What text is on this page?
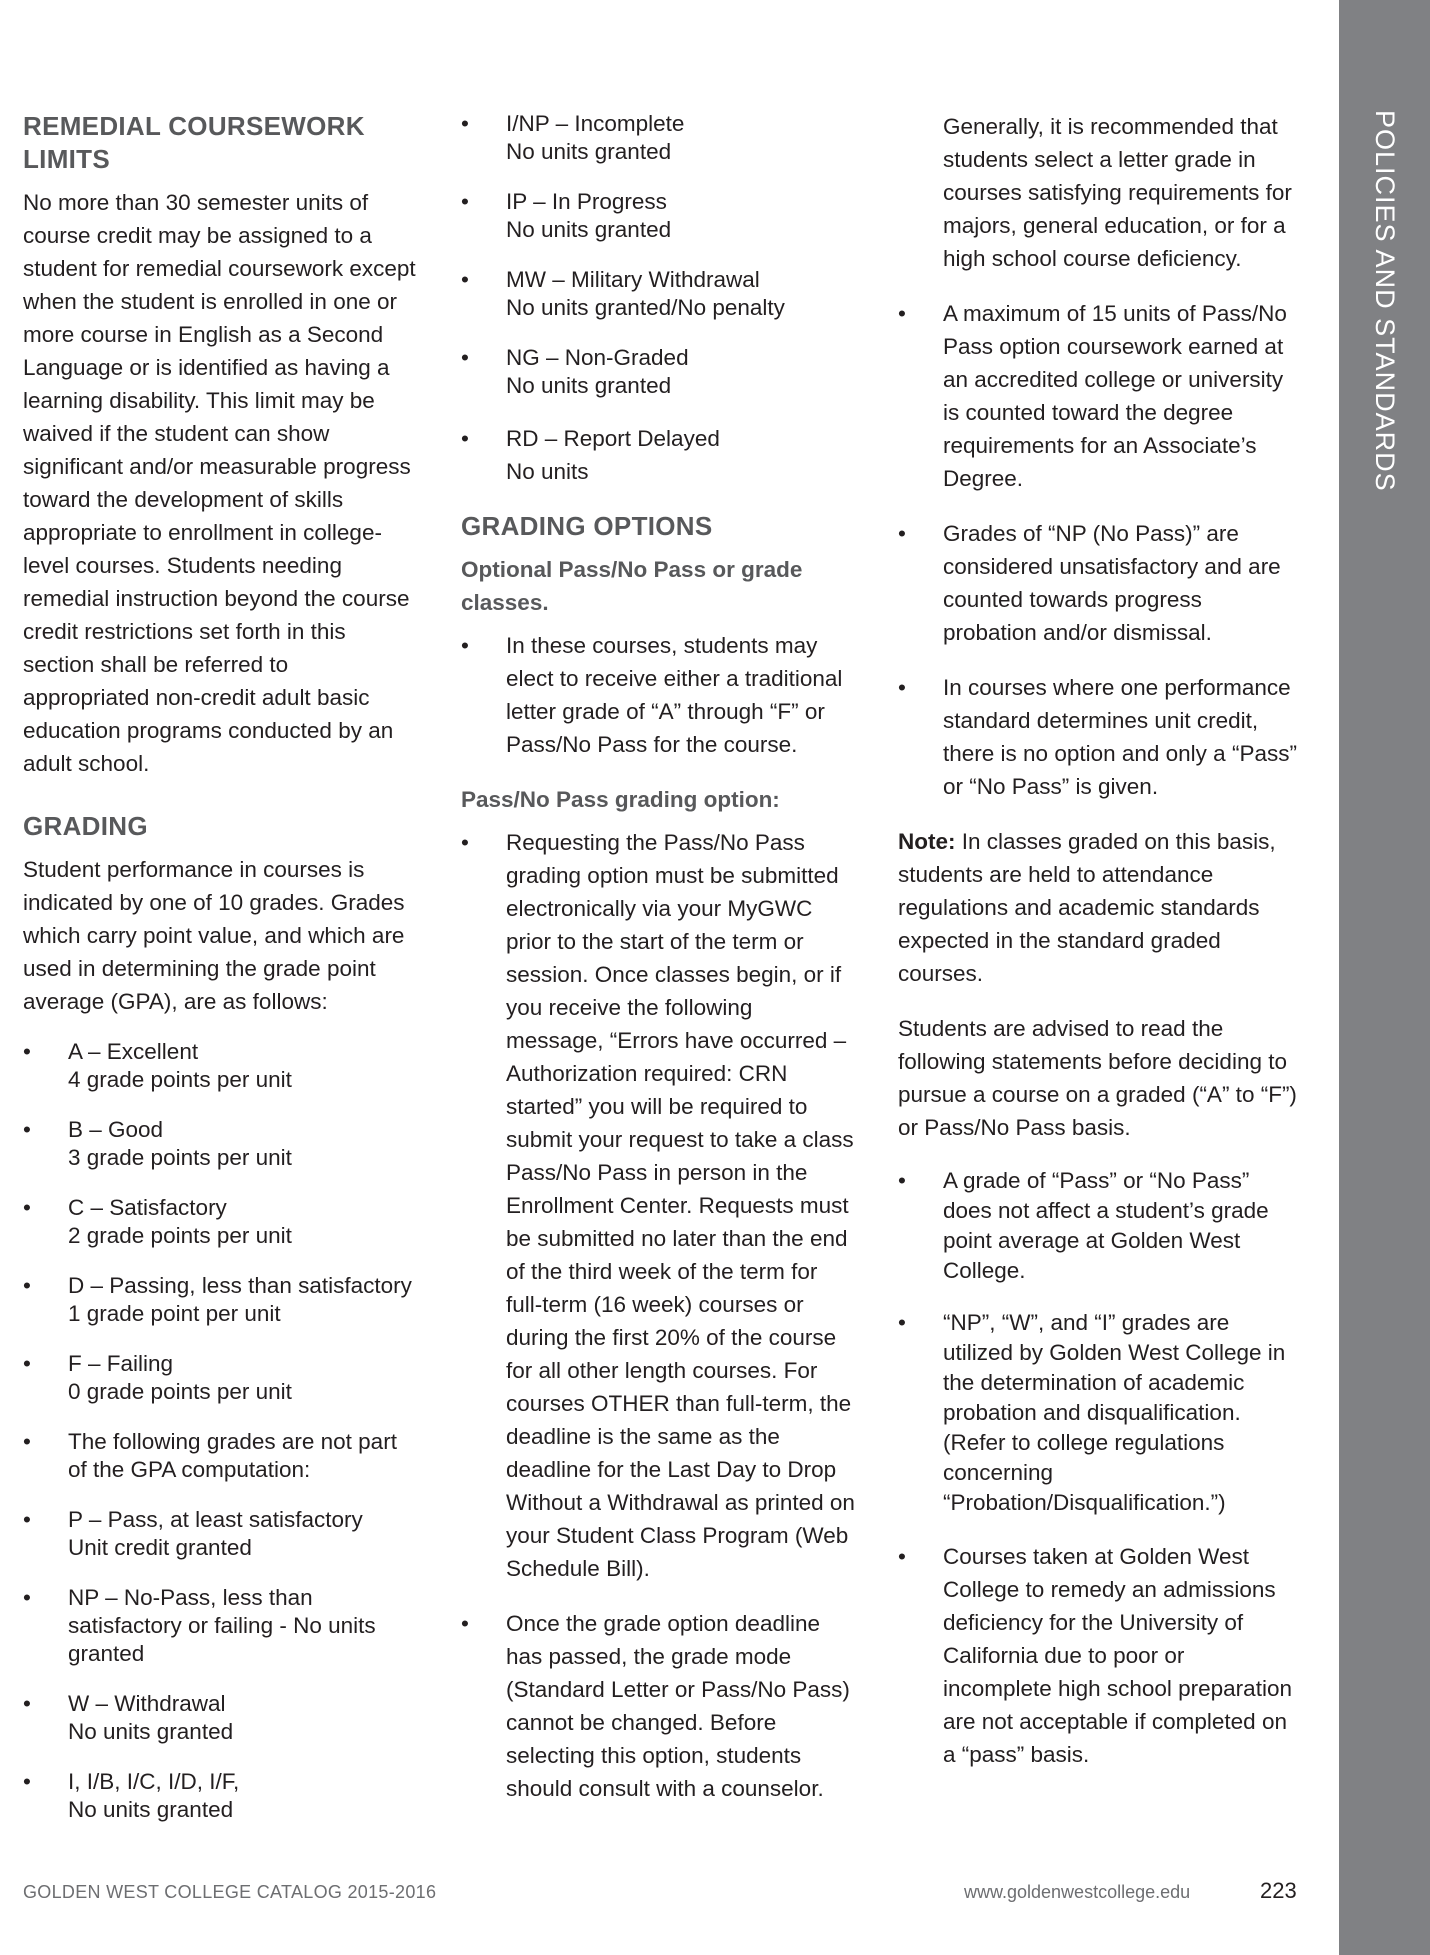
POLICIES AND STANDARDS
REMEDIAL COURSEWORK LIMITS

No more than 30 semester units of course credit may be assigned to a student for remedial coursework except when the student is enrolled in one or more course in English as a Second Language or is identified as having a learning disability. This limit may be waived if the student can show significant and/or measurable progress toward the development of skills appropriate to enrollment in college-level courses. Students needing remedial instruction beyond the course credit restrictions set forth in this section shall be referred to appropriated non-credit adult basic education programs conducted by an adult school.

GRADING

Student performance in courses is indicated by one of 10 grades. Grades which carry point value, and which are used in determining the grade point average (GPA), are as follows:

• A – Excellent
4 grade points per unit
• B – Good
3 grade points per unit
• C – Satisfactory
2 grade points per unit
• D – Passing, less than satisfactory
1 grade point per unit
• F – Failing
0 grade points per unit
• The following grades are not part of the GPA computation:
• P – Pass, at least satisfactory
Unit credit granted
• NP – No-Pass, less than satisfactory or failing - No units granted
• W – Withdrawal
No units granted
• I, I/B, I/C, I/D, I/F,
No units granted
• I/NP – Incomplete
No units granted
• IP – In Progress
No units granted
• MW – Military Withdrawal
No units granted/No penalty
• NG – Non-Graded
No units granted
• RD – Report Delayed
No units
GRADING OPTIONS
Optional Pass/No Pass or grade classes.
• In these courses, students may elect to receive either a traditional letter grade of “A” through “F” or Pass/No Pass for the course.
Pass/No Pass grading option:
• Requesting the Pass/No Pass grading option must be submitted electronically via your MyGWC prior to the start of the term or session. Once classes begin, or if you receive the following message, “Errors have occurred – Authorization required: CRN started” you will be required to submit your request to take a class Pass/No Pass in person in the Enrollment Center. Requests must be submitted no later than the end of the third week of the term for full-term (16 week) courses or during the first 20% of the course for all other length courses. For courses OTHER than full-term, the deadline is the same as the deadline for the Last Day to Drop Without a Withdrawal as printed on your Student Class Program (Web Schedule Bill).
• Once the grade option deadline has passed, the grade mode (Standard Letter or Pass/No Pass) cannot be changed. Before selecting this option, students should consult with a counselor.

Generally, it is recommended that students select a letter grade in courses satisfying requirements for majors, general education, or for a high school course deficiency.

• A maximum of 15 units of Pass/No Pass option coursework earned at an accredited college or university is counted toward the degree requirements for an Associate’s Degree.
• Grades of “NP (No Pass)” are considered unsatisfactory and are counted towards progress probation and/or dismissal.
• In courses where one performance standard determines unit credit, there is no option and only a “Pass” or “No Pass” is given.

Note: In classes graded on this basis, students are held to attendance regulations and academic standards expected in the standard graded courses.

Students are advised to read the following statements before deciding to pursue a course on a graded (“A” to “F”) or Pass/No Pass basis.

• A grade of “Pass” or “No Pass” does not affect a student’s grade point average at Golden West College.
• “NP”, “W”, and “I” grades are utilized by Golden West College in the determination of academic probation and disqualification. (Refer to college regulations concerning “Probation/Disqualification.”)
• Courses taken at Golden West College to remedy an admissions deficiency for the University of California due to poor or incomplete high school preparation are not acceptable if completed on a “pass” basis.
GOLDEN WEST COLLEGE CATALOG 2015-2016	www.goldenwestcollege.edu	223
